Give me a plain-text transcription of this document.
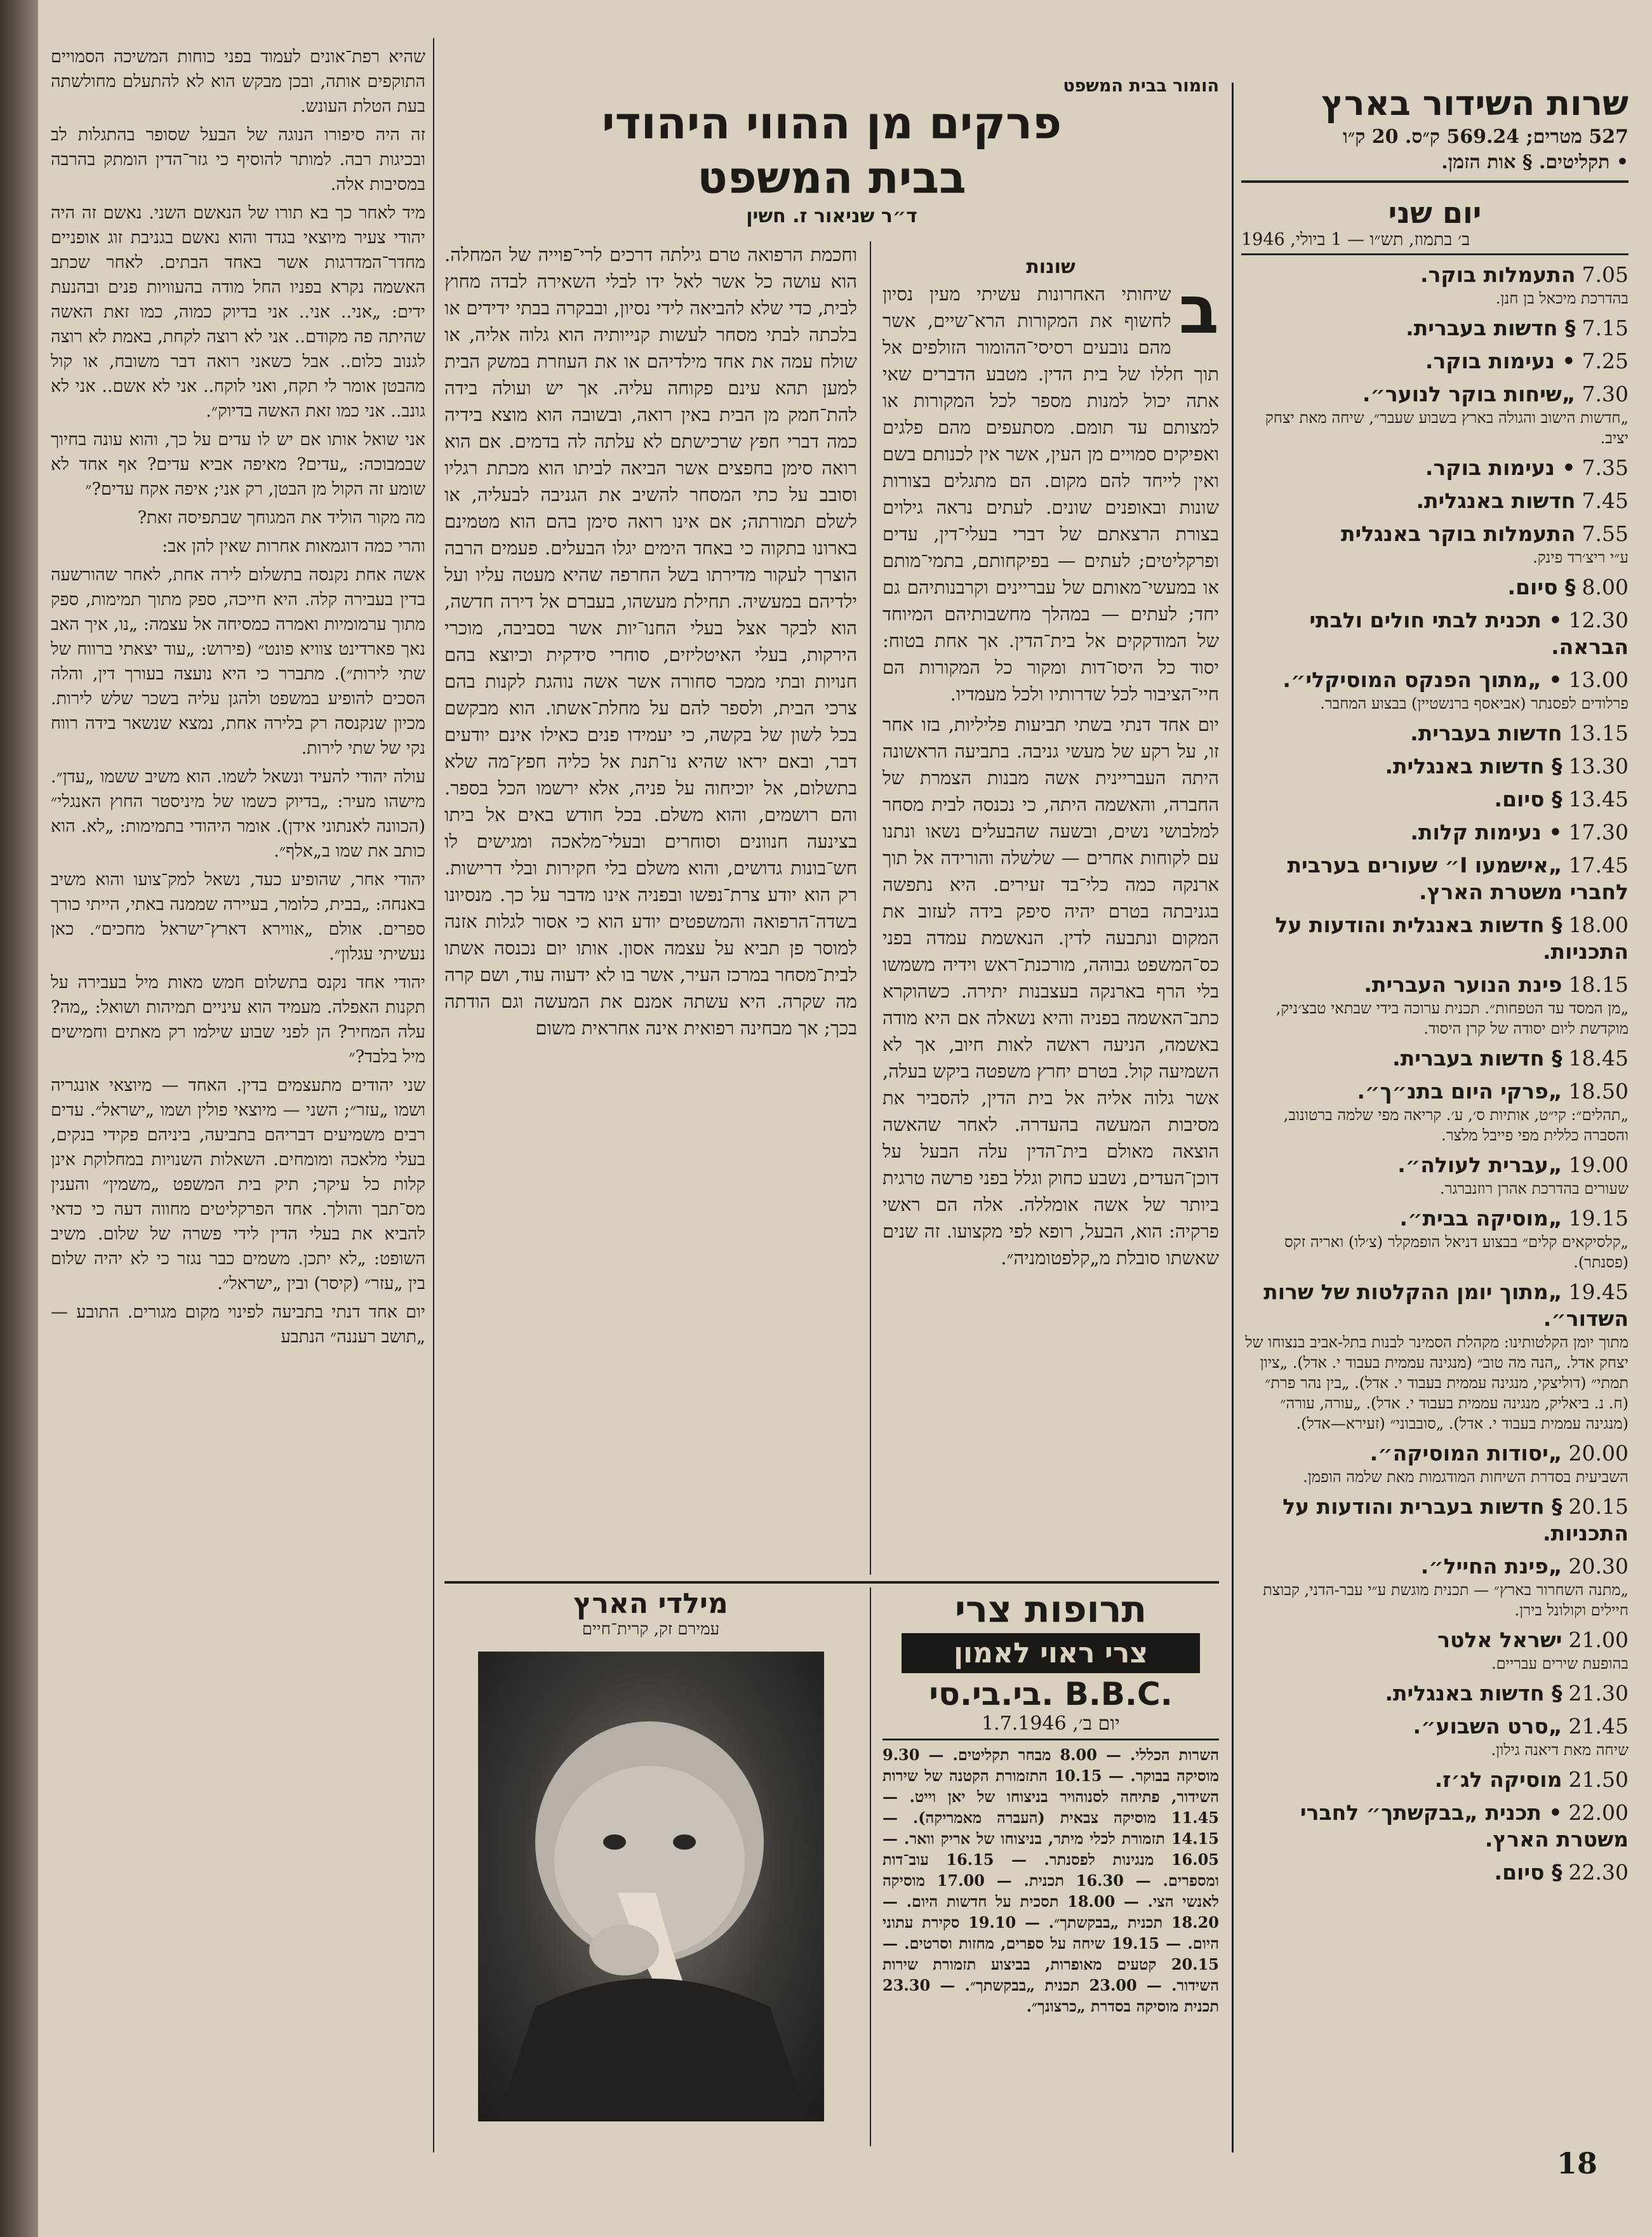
שרות השידור בארץ
527 מטרים; 569.24 ק״ס. 20 ק״ו
• תקליטים. § אות הזמן.
יום שני
ב׳ בתמוז, תש״ו — 1 ביולי, 1946
7.05התעמלות בוקר.
בהדרכת מיכאל בן חנן.
7.15§ חדשות בעברית.
7.25• נעימות בוקר.
7.30„שיחות בוקר לנוער״.
„חדשות הישוב והגולה בארץ בשבוע שעבר״, שיחה מאת יצחק יציב.
7.35• נעימות בוקר.
7.45חדשות באנגלית.
7.55התעמלות בוקר באנגלית
ע״י ריצ׳רד פינק.
8.00§ סיום.
12.30• תכנית לבתי חולים ולבתי הבראה.
13.00• „מתוך הפנקס המוסיקלי״.
פרלודים לפסנתר (אביאסף ברנשטיין) בבצוע המחבר.
13.15חדשות בעברית.
13.30§ חדשות באנגלית.
13.45§ סיום.
17.30• נעימות קלות.
17.45„אישמעו I״ שעורים בערבית לחברי משטרת הארץ.
18.00§ חדשות באנגלית והודעות על התכניות.
18.15פינת הנוער העברית.
„מן המסד עד הטפחות״. תכנית ערוכה בידי שבתאי טבצ׳ניק, מוקדשת ליום יסודה של קרן היסוד.
18.45§ חדשות בעברית.
18.50„פרקי היום בתנ״ך״.
„תהלים״: קי״ט, אותיות ס׳, ע׳. קריאה מפי שלמה ברטונוב, והסברה כללית מפי פייבל מלצר.
19.00„עברית לעולה״.
שעורים בהדרכת אהרן רוזנברגר.
19.15„מוסיקה בבית״.
„קלסיקאים קלים״ בבצוע דניאל הופמקלר (צ׳לו) ואריה זקס (פסנתר).
19.45„מתוך יומן ההקלטות של שרות השדור״.
מתוך יומן הקלטותינו: מקהלת הסמינר לבנות בתל-אביב בנצוחו של יצחק אדל. „הנה מה טוב״ (מנגינה עממית בעבוד י. אדל). „ציון תמתי״ (דוליצקי, מנגינה עממית בעבוד י. אדל). „בין נהר פרת״ (ח. נ. ביאליק, מנגינה עממית בעבוד י. אדל). „עורה, עורה״ (מנגינה עממית בעבוד י. אדל). „סובבוני״ (זעירא—אדל).
20.00„יסודות המוסיקה״.
השביעית בסדרת השיחות המודגמות מאת שלמה הופמן.
20.15§ חדשות בעברית והודעות על התכניות.
20.30„פינת החייל״.
„מתנה השחרור בארץ״ — תכנית מוגשת ע״י עבר-הדני, קבוצת חיילים וקולונל בירן.
21.00ישראל אלטר
בהופעת שירים עבריים.
21.30§ חדשות באנגלית.
21.45„סרט השבוע״.
שיחה מאת דיאנה גילון.
21.50מוסיקה לג׳ז.
22.00• תכנית „בבקשתך״ לחברי משטרת הארץ.
22.30§ סיום.
הומור בבית המשפט
פרקים מן ההווי היהודי
בבית המשפט
ד״ר שניאור ז. חשין
שונות
ב

שיחותי האחרונות עשיתי מעין נסיון לחשוף את המקורות הרא־שיים, אשר מהם נובעים רסיסי־ההומור הזולפים אל תוך חללו של בית הדין. מטבע הדברים שאי אתה יכול למנות מספר לכל המקורות או למצותם עד תומם. מסתעפים מהם פלגים ואפיקים סמויים מן העין, אשר אין לכנותם בשם ואין לייחד להם מקום. הם מתגלים בצורות שונות ובאופנים שונים. לעתים נראה גילוים בצורת הרצאתם של דברי בעלי־דין, עדים ופרקליטים; לעתים — בפיקחותם, בתמי־מותם או במעשי־מאותם של עבריינים וקרבנותיהם גם יחד; לעתים — במהלך מחשבותיהם המיוחד של המודקקים אל בית־הדין. אך אחת בטוח: יסוד כל היסו־דות ומקור כל המקורות הם חיי־הציבור לכל שדרותיו ולכל מעמדיו.

יום אחד דנתי בשתי תביעות פליליות, בזו אחר זו, על רקע של מעשי גניבה. בתביעה הראשונה היתה העבריינית אשה מבנות הצמרת של החברה, והאשמה היתה, כי נכנסה לבית מסחר למלבושי נשים, ובשעה שהבעלים נשאו ונתנו עם לקוחות אחרים — שלשלה והורידה אל תוך ארנקה כמה כלי־בד זעירים. היא נתפשה בגניבתה בטרם יהיה סיפק בידה לעזוב את המקום ונתבעה לדין. הנאשמת עמדה בפני כס־המשפט גבוהה, מורכנת־ראש וידיה משמשו בלי הרף בארנקה בעצבנות יתירה. כשהוקרא כתב־האשמה בפניה והיא נשאלה אם היא מודה באשמה, הניעה ראשה לאות חיוב, אך לא השמיעה קול. בטרם יחרץ משפטה ביקש בעלה, אשר גלוה אליה אל בית הדין, להסביר את מסיבות המעשה בהעדרה. לאחר שהאשה הוצאה מאולם בית־הדין עלה הבעל על דוכן־העדים, נשבע כחוק וגלל בפני פרשה טרגית ביותר של אשה אומללה. אלה הם ראשי פרקיה: הוא, הבעל, רופא לפי מקצועו. זה שנים שאשתו סובלת מ„קלפטומניה״.

וחכמת הרפואה טרם גילתה דרכים לרי־פוייה של המחלה. הוא עושה כל אשר לאל ידו לבלי השאירה לבדה מחוץ לבית, כדי שלא להביאה לידי נסיון, ובבקרה בבתי ידידים או בלכתה לבתי מסחר לעשות קנייותיה הוא גלוה אליה, או שולח עמה את אחד מילדיהם או את העוזרת במשק הבית למען תהא עינם פקוחה עליה. אך יש ועולה בידה להת־חמק מן הבית באין רואה, ובשובה הוא מוצא בידיה כמה דברי חפץ שרכישתם לא עלתה לה בדמים. אם הוא רואה סימן בחפצים אשר הביאה לביתו הוא מכתת רגליו וסובב על כתי המסחר להשיב את הגניבה לבעליה, או לשלם תמורתה; אם אינו רואה סימן בהם הוא מטמינם בארונו בתקוה כי באחד הימים יגלו הבעלים. פעמים הרבה הוצרך לעקור מדירתו בשל החרפה שהיא מעטה עליו ועל ילדיהם במעשיה. תחילת מעשהו, בעברם אל דירה חדשה, הוא לבקר אצל בעלי החנו־יות אשר בסביבה, מוכרי הירקות, בעלי האיטליזים, סוחרי סידקית וכיוצא בהם חנויות ובתי ממכר סחורה אשר אשה נוהגת לקנות בהם צרכי הבית, ולספר להם על מחלת־אשתו. הוא מבקשם בכל לשון של בקשה, כי יעמידו פנים כאילו אינם יודעים דבר, ובאם יראו שהיא נו־תנת אל כליה חפץ־מה שלא בתשלום, אל יוכיחוה על פניה, אלא ירשמו הכל בספר. והם רושמים, והוא משלם. בכל חודש באים אל ביתו בצינעה חנוונים וסוחרים ובעלי־מלאכה ומגישים לו חש־בונות גדושים, והוא משלם בלי חקירות ובלי דרישות. רק הוא יודע צרת־נפשו ובפניה אינו מדבר על כך. מנסיונו בשדה־הרפואה והמשפטים יודע הוא כי אסור לגלות אזנה למוסר פן תביא על עצמה אסון. אותו יום נכנסה אשתו לבית־מסחר במרכז העיר, אשר בו לא ידעוה עוד, ושם קרה מה שקרה. היא עשתה אמנם את המעשה וגם הודתה בכך; אך מבחינה רפואית אינה אחראית משום

תרופות צרי
צרי ראוי לאמון
בי.בי.סי. B.B.C.
יום ב׳, 1.7.1946
השרות הכללי. — 8.00 מבחר תקליטים. — 9.30 מוסיקה בבוקר. — 10.15 התזמורת הקטנה של שירות השידור, פתיחה לסנוהויר בניצוחו של יאן וייט. — 11.45 מוסיקה צבאית (העברה מאמריקה). — 14.15 תזמורת לכלי מיתר, בניצוחו של אריק וואר. — 16.05 מנגינות לפסנתר. — 16.15 עוב־דות ומספרים. — 16.30 תכנית. — 17.00 מוסיקה לאנשי הצי. — 18.00 תסכית על חדשות היום. — 18.20 תכנית „בבקשתך״. — 19.10 סקירת עתוני היום. — 19.15 שיחה על ספרים, מחזות וסרטים. — 20.15 קטעים מאופרות, בביצוע תזמורת שירות השידור. — 23.00 תכנית „בבקשתך״. — 23.30 תכנית מוסיקה בסדרת „כרצונך״.
מילדי הארץ
עמירם זק, קרית־חיים

שהיא רפת־אונים לעמוד בפני כוחות המשיכה הסמויים התוקפים אותה, ובכן מבקש הוא לא להתעלם מחולשתה בעת הטלת העונש.

זה היה סיפורו הנוגה של הבעל שסופר בהתגלות לב ובכיגות רבה. למותר להוסיף כי גזר־הדין הומתק בהרבה במסיבות אלה.

מיד לאחר כך בא תורו של הנאשם השני. נאשם זה היה יהודי צעיר מיוצאי בגדד והוא נאשם בגניבת זוג אופניים מחדר־המדרגות אשר באחד הבתים. לאחר שכתב האשמה נקרא בפניו החל מודה בהעוויות פנים ובהנעת ידים: „אני.. אני.. אני בדיוק כמוה, כמו זאת האשה שהיתה פה מקודם.. אני לא רוצה לקחת, באמת לא רוצה לגנוב כלום.. אבל כשאני רואה דבר משובח, או קול מהבטן אומר לי תקח, ואני לוקח.. אני לא אשם.. אני לא גונב.. אני כמו זאת האשה בדיוק״.

אני שואל אותו אם יש לו עדים על כך, והוא עונה בחיוך שבמבוכה: „עדים? מאיפה אביא עדים? אף אחד לא שומע זה הקול מן הבטן, רק אני; איפה אקח עדים?״

מה מקור הוליד את המגוחך שבתפיסה זאת?

והרי כמה דוגמאות אחרות שאין להן אב:

אשה אחת נקנסה בתשלום לירה אחת, לאחר שהורשעה בדין בעבירה קלה. היא חייכה, ספק מתוך תמימות, ספק מתוך ערמומיות ואמרה כמסיחה אל עצמה: „נו, איך האב נאך פארדינט צוויא פונט״ (פירוש: „עוד יצאתי ברווח של שתי לירות״). מתברר כי היא נועצה בעורך דין, והלה הסכים להופיע במשפט ולהגן עליה בשכר שלש לירות. מכיון שנקנסה רק בלירה אחת, נמצא שנשאר בידה רווח נקי של שתי לירות.

עולה יהודי להעיד ונשאל לשמו. הוא משיב ששמו „עדן״. מישהו מעיר: „בדיוק כשמו של מיניסטר החוץ האנגלי״ (הכוונה לאנתוני אידן). אומר היהודי בתמימות: „לא. הוא כותב את שמו ב„אלף״.

יהודי אחר, שהופיע כעד, נשאל למק־צועו והוא משיב באנחה: „בבית, כלומר, בעיירה שממנה באתי, הייתי כורך ספרים. אולם „אווירא דארץ־ישראל מחכים״. כאן נעשיתי עגלון״.

יהודי אחד נקנס בתשלום חמש מאות מיל בעבירה על תקנות האפלה. מעמיד הוא עיניים תמיהות ושואל: „מה? עלה המחיר? הן לפני שבוע שילמו רק מאתים וחמישים מיל בלבד?״

שני יהודים מתעצמים בדין. האחד — מיוצאי אונגריה ושמו „עזר״; השני — מיוצאי פולין ושמו „ישראל״. עדים רבים משמיעים דבריהם בתביעה, ביניהם פקידי בנקים, בעלי מלאכה ומומחים. השאלות השנויות במחלוקת אינן קלות כל עיקר; תיק בית המשפט „משמין״ והענין מס־תבך והולך. אחד הפרקליטים מחווה דעה כי כדאי להביא את בעלי הדין לידי פשרה של שלום. משיב השופט: „לא יתכן. משמים כבר נגזר כי לא יהיה שלום בין „עזר״ (קיסר) ובין „ישראל״.

יום אחד דנתי בתביעה לפינוי מקום מגורים. התובע — „תושב רעננה״ הנתבע

18
